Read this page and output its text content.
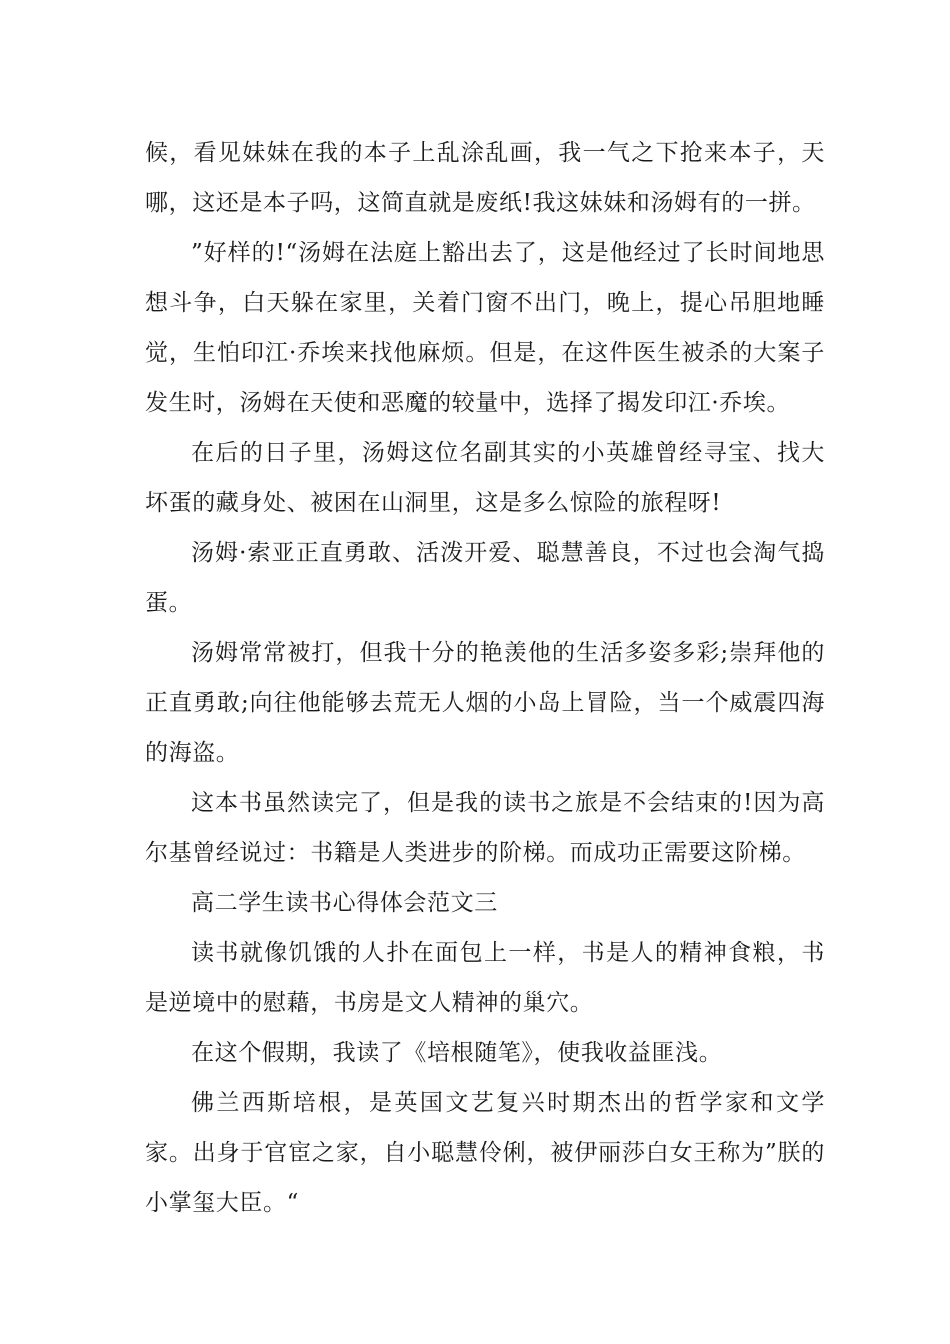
候，看见妹妹在我的本子上乱涂乱画，我一气之下抢来本子，天哪，这还是本子吗，这简直就是废纸!我这妹妹和汤姆有的一拼。

”好样的!“汤姆在法庭上豁出去了，这是他经过了长时间地思想斗争，白天躲在家里，关着门窗不出门，晚上，提心吊胆地睡觉，生怕印江·乔埃来找他麻烦。但是，在这件医生被杀的大案子发生时，汤姆在天使和恶魔的较量中，选择了揭发印江·乔埃。

在后的日子里，汤姆这位名副其实的小英雄曾经寻宝、找大坏蛋的藏身处、被困在山洞里，这是多么惊险的旅程呀!

汤姆·索亚正直勇敢、活泼开爱、聪慧善良，不过也会淘气捣蛋。

汤姆常常被打，但我十分的艳羡他的生活多姿多彩;崇拜他的正直勇敢;向往他能够去荒无人烟的小岛上冒险，当一个威震四海的海盗。

这本书虽然读完了，但是我的读书之旅是不会结束的!因为高尔基曾经说过：书籍是人类进步的阶梯。而成功正需要这阶梯。

高二学生读书心得体会范文三

读书就像饥饿的人扑在面包上一样，书是人的精神食粮，书是逆境中的慰藉，书房是文人精神的巢穴。

在这个假期，我读了《培根随笔》，使我收益匪浅。

佛兰西斯培根，是英国文艺复兴时期杰出的哲学家和文学家。出身于官宦之家，自小聪慧伶俐，被伊丽莎白女王称为”朕的小掌玺大臣。“
